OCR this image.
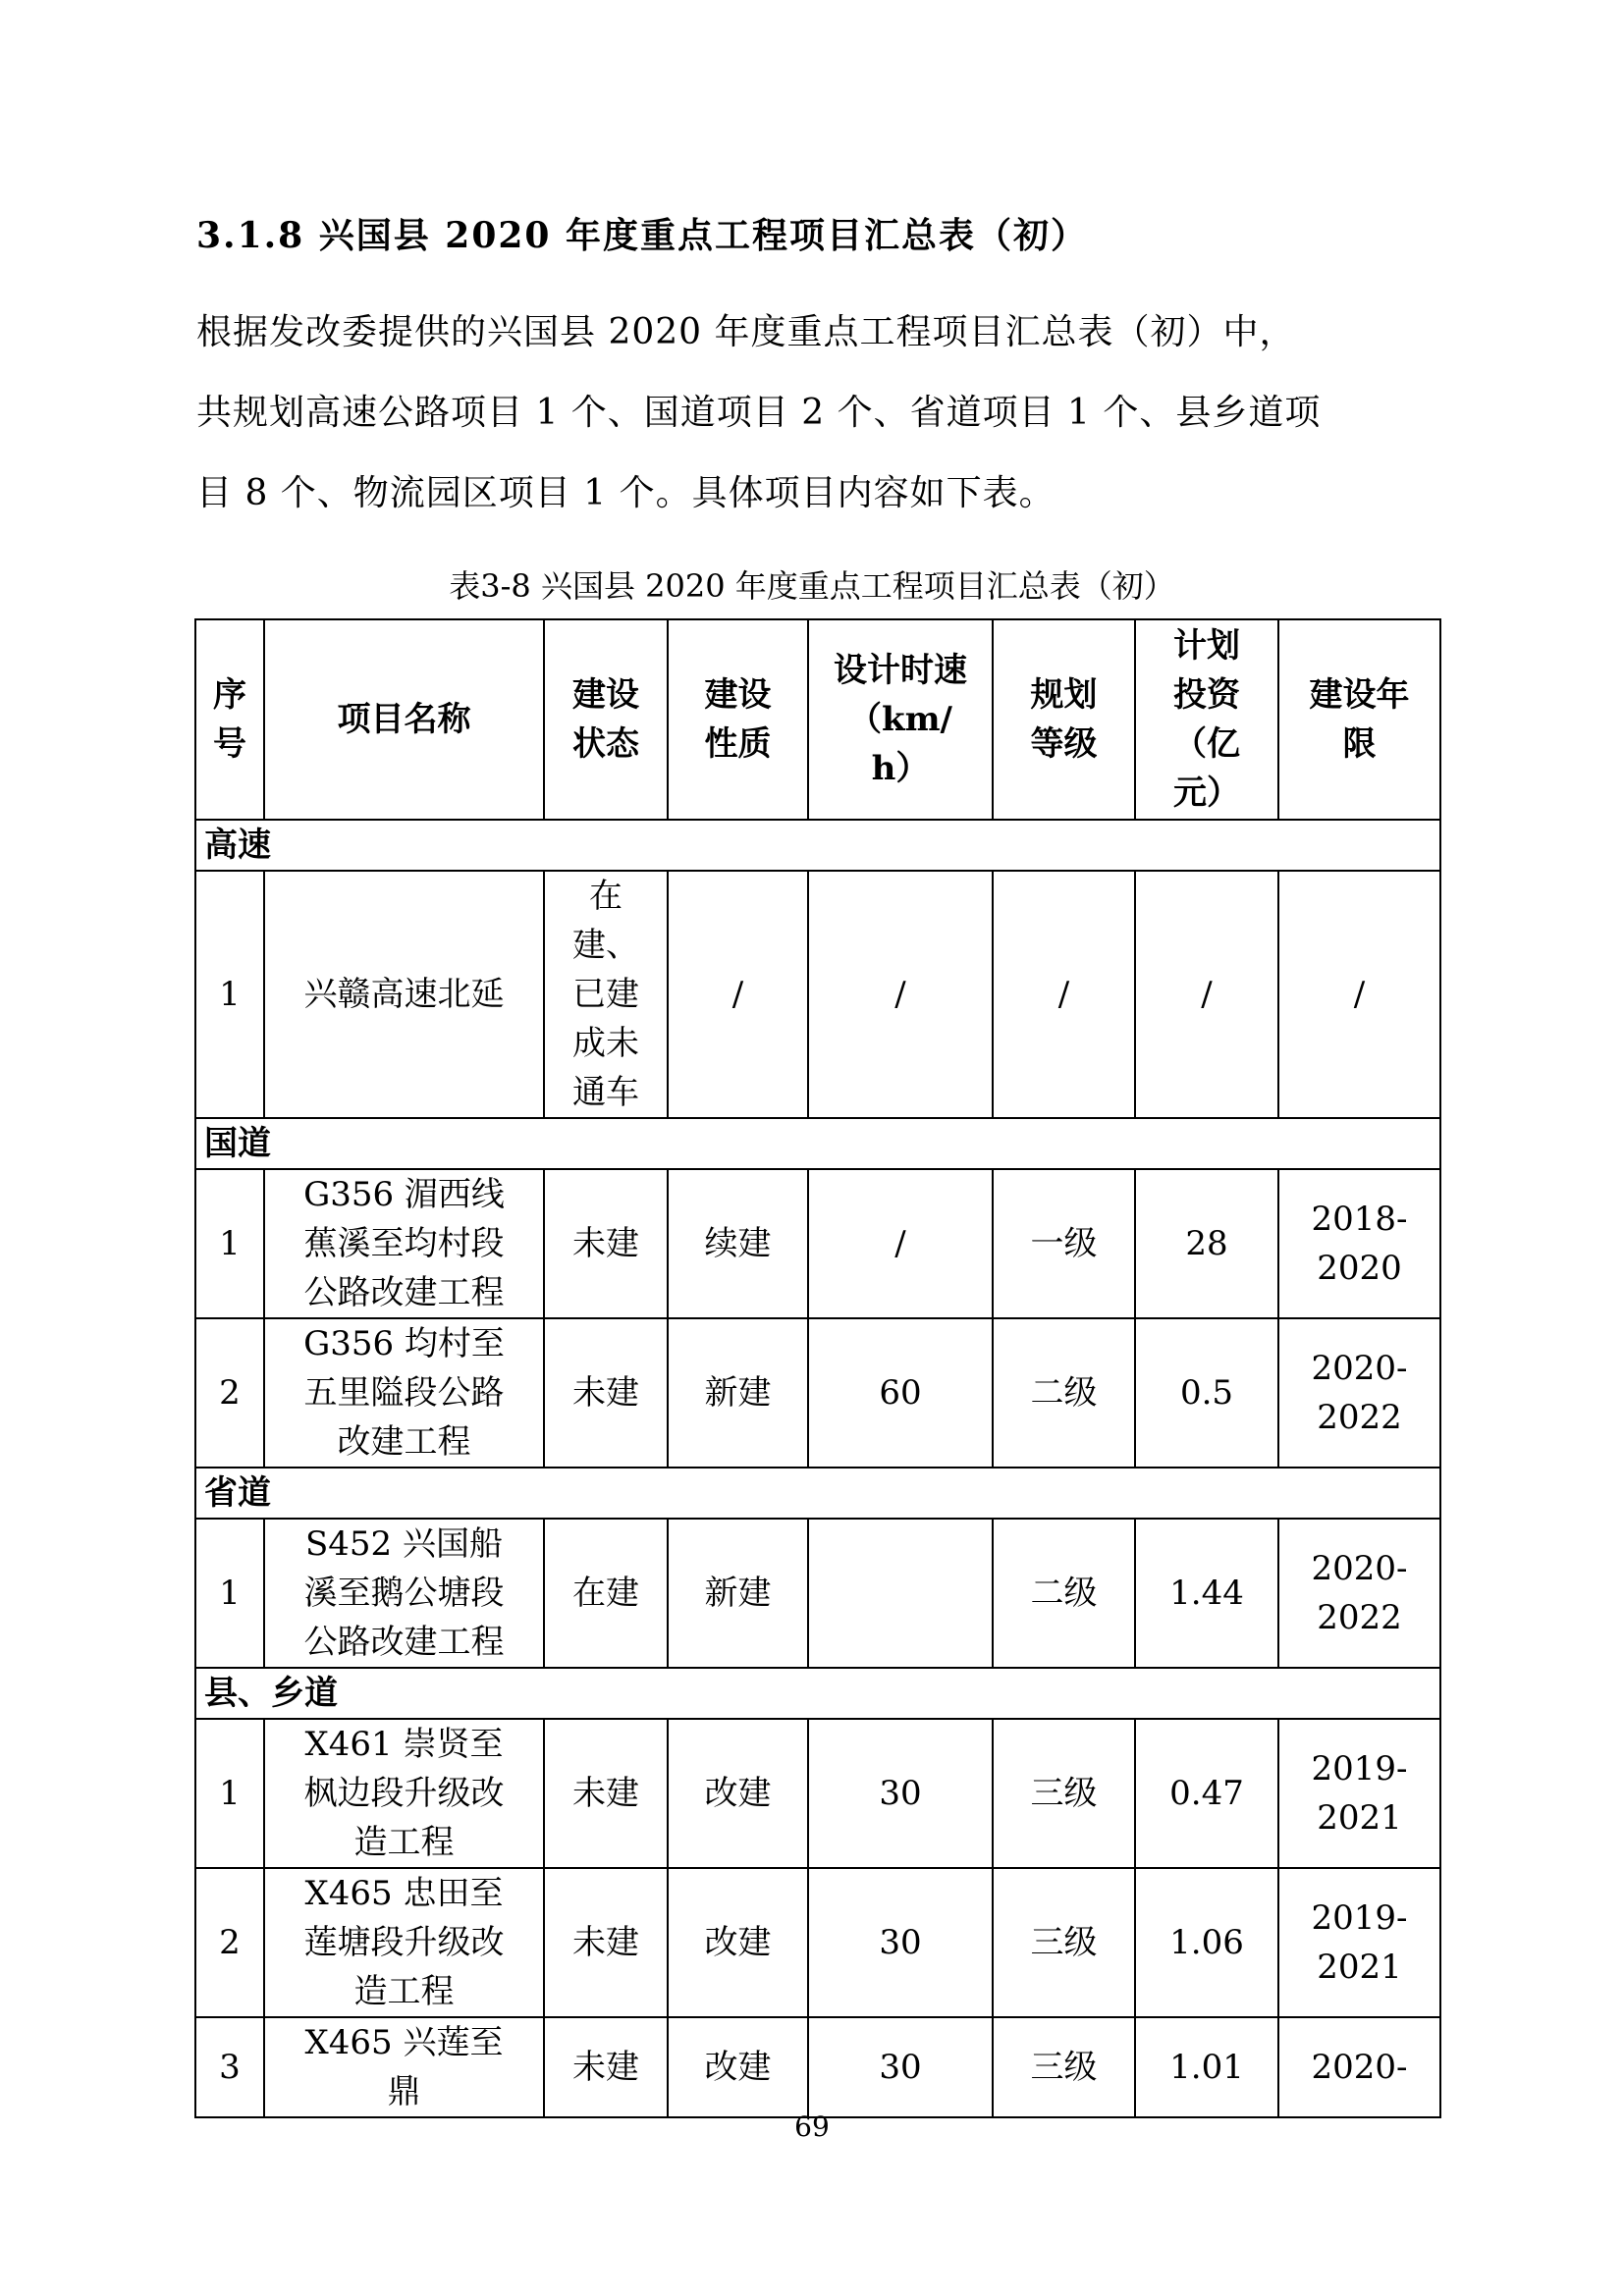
3.1.8 兴国县 2020 年度重点工程项目汇总表（初）
根据发改委提供的兴国县 2020 年度重点工程项目汇总表（初）中，
共规划高速公路项目 1 个、国道项目 2 个、省道项目 1 个、县乡道项
目 8 个、物流园区项目 1 个。具体项目内容如下表。
表3-8 兴国县 2020 年度重点工程项目汇总表（初）
序号	项目名称	建设状态	建设性质	设计时速（km/h）	规划等级	计划投资（亿元）	建设年限
高速							
1	兴赣高速北延	在建、已建成未通车	/	/	/	/	/
国道							
1	G356 湄西线蕉溪至均村段公路改建工程	未建	续建	/	一级	28	2018-2020
2	G356 均村至五里隘段公路改建工程	未建	新建	60	二级	0.5	2020-2022
省道							
1	S452 兴国船溪至鹅公塘段公路改建工程	在建	新建		二级	1.44	2020-2022
县、乡道							
1	X461 崇贤至枫边段升级改造工程	未建	改建	30	三级	0.47	2019-2021
2	X465 忠田至莲塘段升级改造工程	未建	改建	30	三级	1.06	2019-2021
3	X465 兴莲至鼎	未建	改建	30	三级	1.01	2020-
69
